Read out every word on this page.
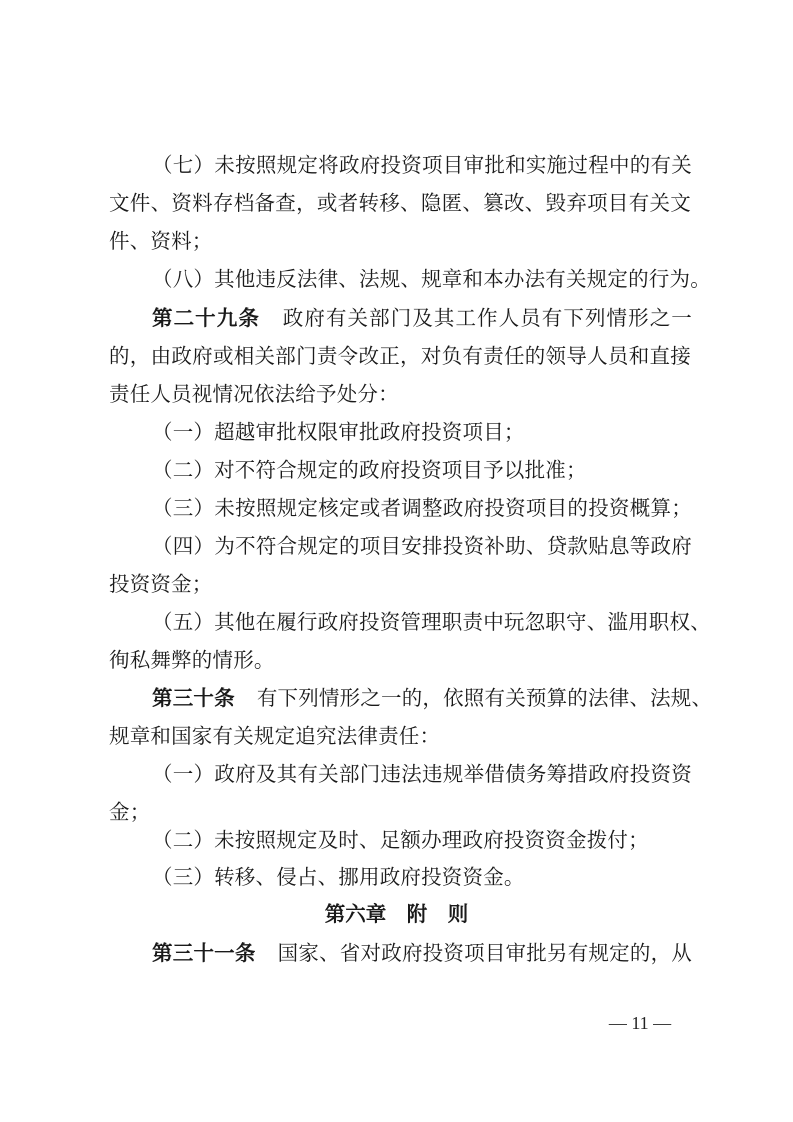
（七）未按照规定将政府投资项目审批和实施过程中的有关
文件、资料存档备查，或者转移、隐匿、篡改、毁弃项目有关文
件、资料；
（八）其他违反法律、法规、规章和本办法有关规定的行为。
第二十九条 政府有关部门及其工作人员有下列情形之一
的，由政府或相关部门责令改正，对负有责任的领导人员和直接
责任人员视情况依法给予处分：
（一）超越审批权限审批政府投资项目；
（二）对不符合规定的政府投资项目予以批准；
（三）未按照规定核定或者调整政府投资项目的投资概算；
（四）为不符合规定的项目安排投资补助、贷款贴息等政府
投资资金；
（五）其他在履行政府投资管理职责中玩忽职守、滥用职权、
徇私舞弊的情形。
第三十条 有下列情形之一的，依照有关预算的法律、法规、
规章和国家有关规定追究法律责任：
（一）政府及其有关部门违法违规举借债务筹措政府投资资
金；
（二）未按照规定及时、足额办理政府投资资金拨付；
（三）转移、侵占、挪用政府投资资金。
第六章　附　则
第三十一条 国家、省对政府投资项目审批另有规定的，从
— 11 —
